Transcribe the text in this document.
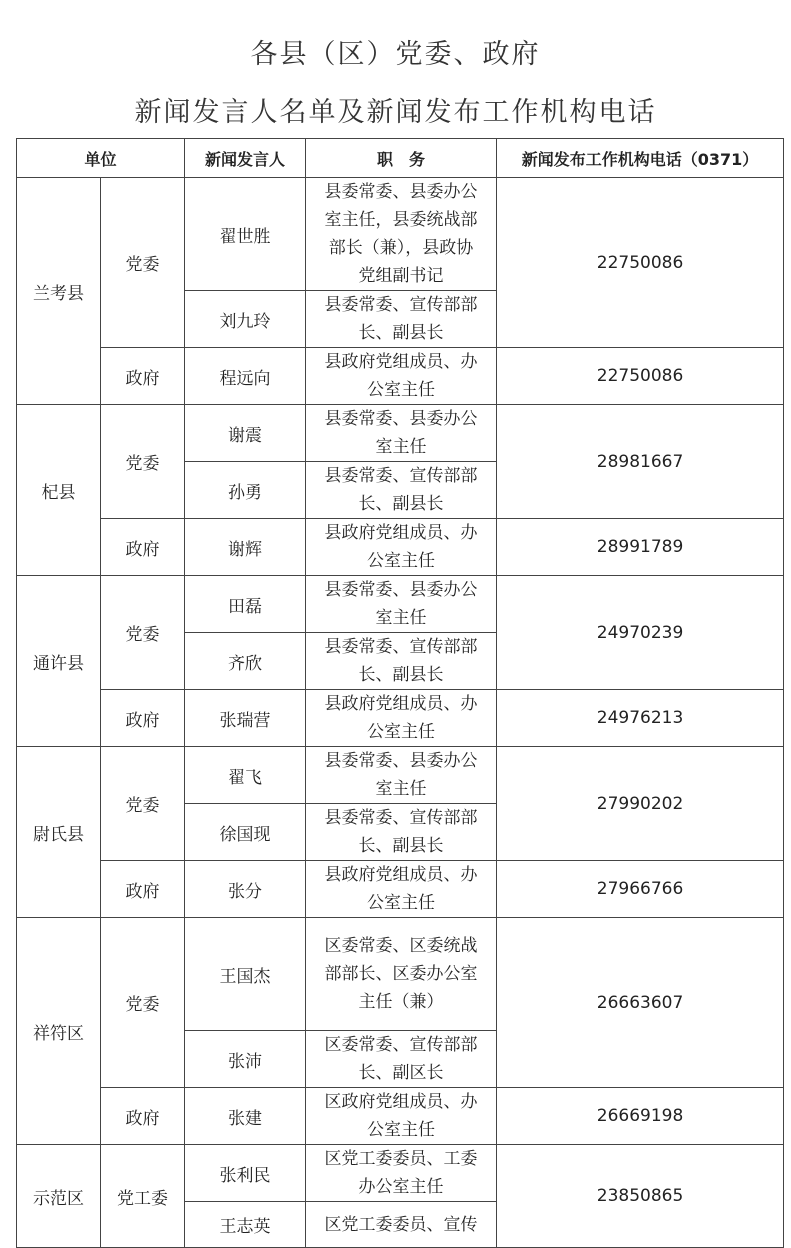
各县（区）党委、政府
新闻发言人名单及新闻发布工作机构电话
单位		新闻发言人	职　务	新闻发布工作机构电话（0371）
兰考县	党委	翟世胜	县委常委、县委办公
室主任，县委统战部
部长（兼），县政协
党组副书记	22750086
		刘九玲	县委常委、宣传部部
长、副县长	

	政府	程远向	县政府党组成员、办
公室主任	22750086
杞县	党委	谢震	县委常委、县委办公
室主任	28981667
		孙勇	县委常委、宣传部部
长、副县长	

	政府	谢辉	县政府党组成员、办
公室主任	28991789
通许县	党委	田磊	县委常委、县委办公
室主任	24970239
		齐欣	县委常委、宣传部部
长、副县长	

	政府	张瑞营	县政府党组成员、办
公室主任	24976213
尉氏县	党委	翟飞	县委常委、县委办公
室主任	27990202
		徐国现	县委常委、宣传部部
长、副县长	

	政府	张分	县政府党组成员、办
公室主任	27966766
祥符区	党委	王国杰	区委常委、区委统战
部部长、区委办公室
主任（兼）	26663607
		张沛	区委常委、宣传部部
长、副区长	

	政府	张建	区政府党组成员、办
公室主任	26669198
示范区	党工委	张利民	区党工委委员、工委
办公室主任	23850865
		王志英	区党工委委员、宣传	
